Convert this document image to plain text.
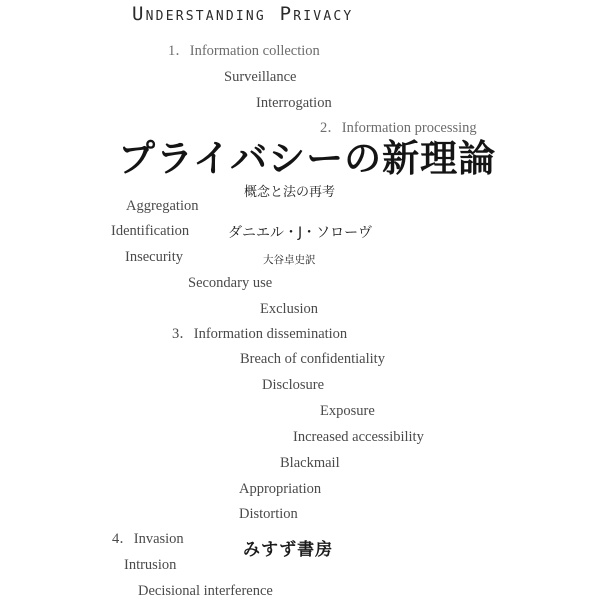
Understanding Privacy
1．Information collection
Surveillance
Interrogation
2．Information processing
プライバシーの新理論
概念と法の再考
Aggregation
Identification	ダニエル・J・ソローヴ
Insecurity	大谷卓史訳
Secondary use
Exclusion
3．Information dissemination
Breach of confidentiality
Disclosure
Exposure
Increased accessibility
Blackmail
Appropriation
Distortion
4．Invasion
みすず書房
Intrusion
Decisional interference
